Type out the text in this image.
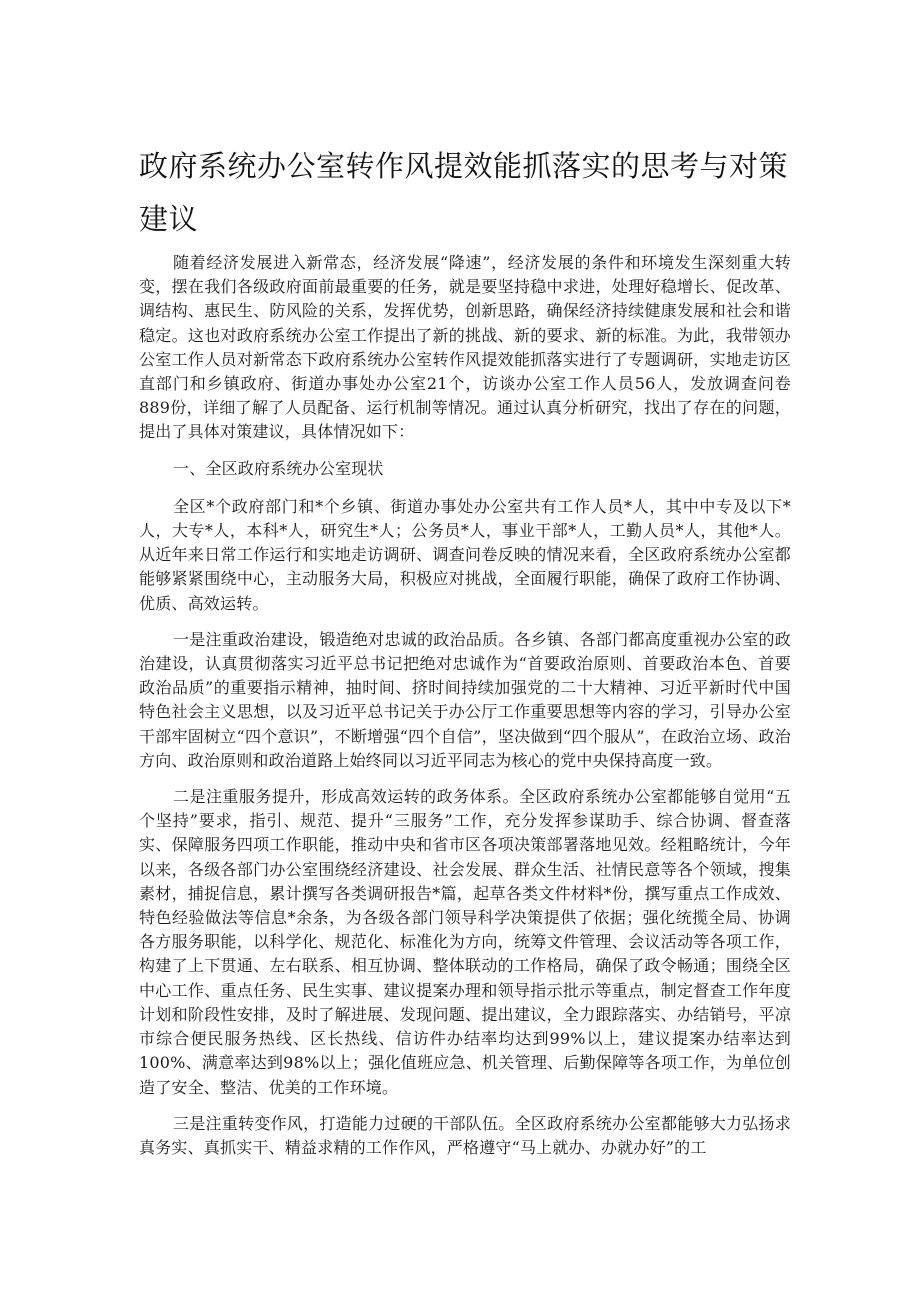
政府系统办公室转作风提效能抓落实的思考与对策建议

随着经济发展进入新常态，经济发展“降速”，经济发展的条件和环境发生深刻重大转变，摆在我们各级政府面前最重要的任务，就是要坚持稳中求进，处理好稳增长、促改革、调结构、惠民生、防风险的关系，发挥优势，创新思路，确保经济持续健康发展和社会和谐稳定。这也对政府系统办公室工作提出了新的挑战、新的要求、新的标准。为此，我带领办公室工作人员对新常态下政府系统办公室转作风提效能抓落实进行了专题调研，实地走访区直部门和乡镇政府、街道办事处办公室21个，访谈办公室工作人员56人，发放调查问卷889份，详细了解了人员配备、运行机制等情况。通过认真分析研究，找出了存在的问题，提出了具体对策建议，具体情况如下：

一、全区政府系统办公室现状

全区*个政府部门和*个乡镇、街道办事处办公室共有工作人员*人，其中中专及以下*人，大专*人，本科*人，研究生*人；公务员*人，事业干部*人，工勤人员*人，其他*人。从近年来日常工作运行和实地走访调研、调查问卷反映的情况来看，全区政府系统办公室都能够紧紧围绕中心，主动服务大局，积极应对挑战，全面履行职能，确保了政府工作协调、优质、高效运转。

一是注重政治建设，锻造绝对忠诚的政治品质。各乡镇、各部门都高度重视办公室的政治建设，认真贯彻落实习近平总书记把绝对忠诚作为“首要政治原则、首要政治本色、首要政治品质”的重要指示精神，抽时间、挤时间持续加强党的二十大精神、习近平新时代中国特色社会主义思想，以及习近平总书记关于办公厅工作重要思想等内容的学习，引导办公室干部牢固树立“四个意识”，不断增强“四个自信”，坚决做到“四个服从”，在政治立场、政治方向、政治原则和政治道路上始终同以习近平同志为核心的党中央保持高度一致。

二是注重服务提升，形成高效运转的政务体系。全区政府系统办公室都能够自觉用“五个坚持”要求，指引、规范、提升“三服务”工作，充分发挥参谋助手、综合协调、督查落实、保障服务四项工作职能，推动中央和省市区各项决策部署落地见效。经粗略统计，今年以来，各级各部门办公室围绕经济建设、社会发展、群众生活、社情民意等各个领域，搜集素材，捕捉信息，累计撰写各类调研报告*篇，起草各类文件材料*份，撰写重点工作成效、特色经验做法等信息*余条，为各级各部门领导科学决策提供了依据；强化统揽全局、协调各方服务职能，以科学化、规范化、标准化为方向，统筹文件管理、会议活动等各项工作，构建了上下贯通、左右联系、相互协调、整体联动的工作格局，确保了政令畅通；围绕全区中心工作、重点任务、民生实事、建议提案办理和领导指示批示等重点，制定督查工作年度计划和阶段性安排，及时了解进展、发现问题、提出建议，全力跟踪落实、办结销号，平凉市综合便民服务热线、区长热线、信访件办结率均达到99%以上，建议提案办结率达到100%、满意率达到98%以上；强化值班应急、机关管理、后勤保障等各项工作，为单位创造了安全、整洁、优美的工作环境。

三是注重转变作风，打造能力过硬的干部队伍。全区政府系统办公室都能够大力弘扬求真务实、真抓实干、精益求精的工作作风，严格遵守“马上就办、办就办好”的工
